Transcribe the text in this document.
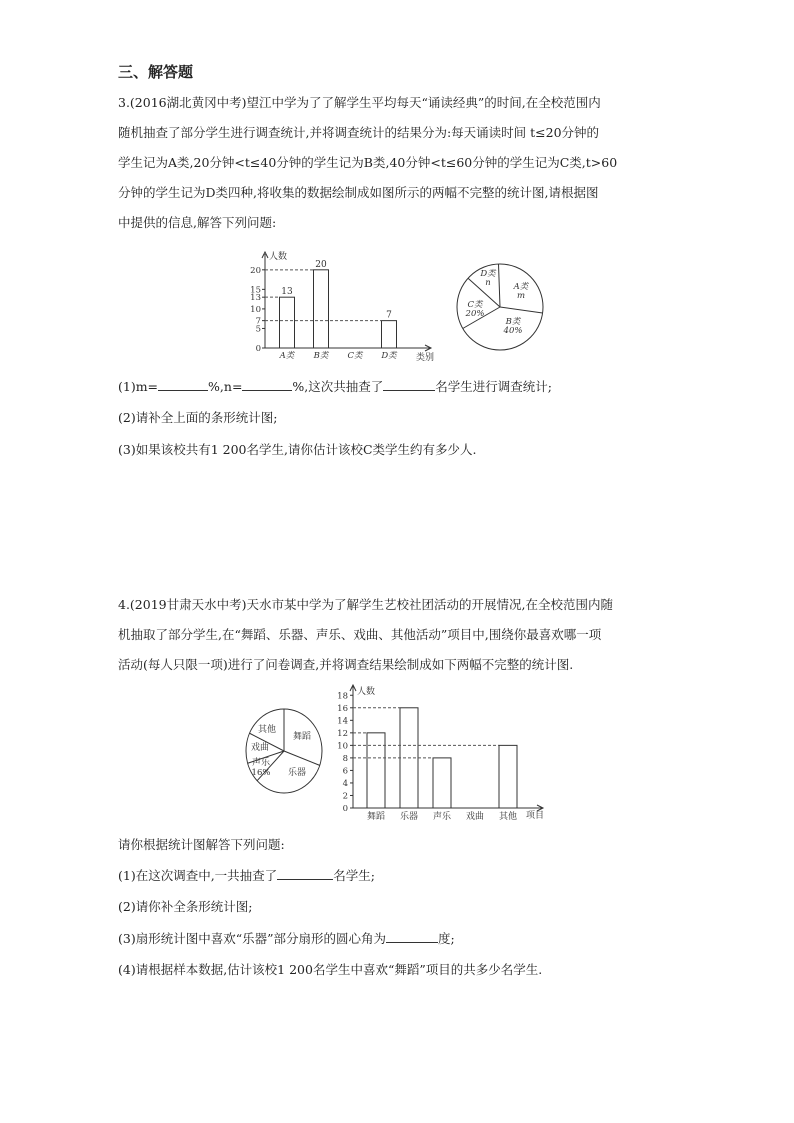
三、解答题
3.(2016湖北黄冈中考)望江中学为了了解学生平均每天“诵读经典”的时间,在全校范围内
随机抽查了部分学生进行调查统计,并将调查统计的结果分为:每天诵读时间 t≤20分钟的
学生记为A类,20分钟<t≤40分钟的学生记为B类,40分钟<t≤60分钟的学生记为C类,t>60
分钟的学生记为D类四种,将收集的数据绘制成如图所示的两幅不完整的统计图,请根据图
中提供的信息,解答下列问题:
人数
类别
0
5
7
10
13
15
20
13
A类
20
B类 C类
7
D类
A类
m
B类
40%
C类
20%
D类
n
(1)m=	%,n=	%,这次共抽查了	名学生进行调查统计;
(2)请补全上面的条形统计图;
(3)如果该校共有1 200名学生,请你估计该校C类学生约有多少人.
4.(2019甘肃天水中考)天水市某中学为了解学生艺校社团活动的开展情况,在全校范围内随
机抽取了部分学生,在“舞蹈、乐器、声乐、戏曲、其他活动”项目中,围绕你最喜欢哪一项
活动(每人只限一项)进行了问卷调查,并将调查结果绘制成如下两幅不完整的统计图.
舞蹈
乐器
声乐
16%
戏曲
其他
人数
项目
0
2
4
6
8
10
12
14
16
18
舞蹈 乐器 声乐 戏曲 其他
请你根据统计图解答下列问题:
(1)在这次调查中,一共抽查了	名学生;
(2)请你补全条形统计图;
(3)扇形统计图中喜欢“乐器”部分扇形的圆心角为	度;
(4)请根据样本数据,估计该校1 200名学生中喜欢“舞蹈”项目的共多少名学生.
